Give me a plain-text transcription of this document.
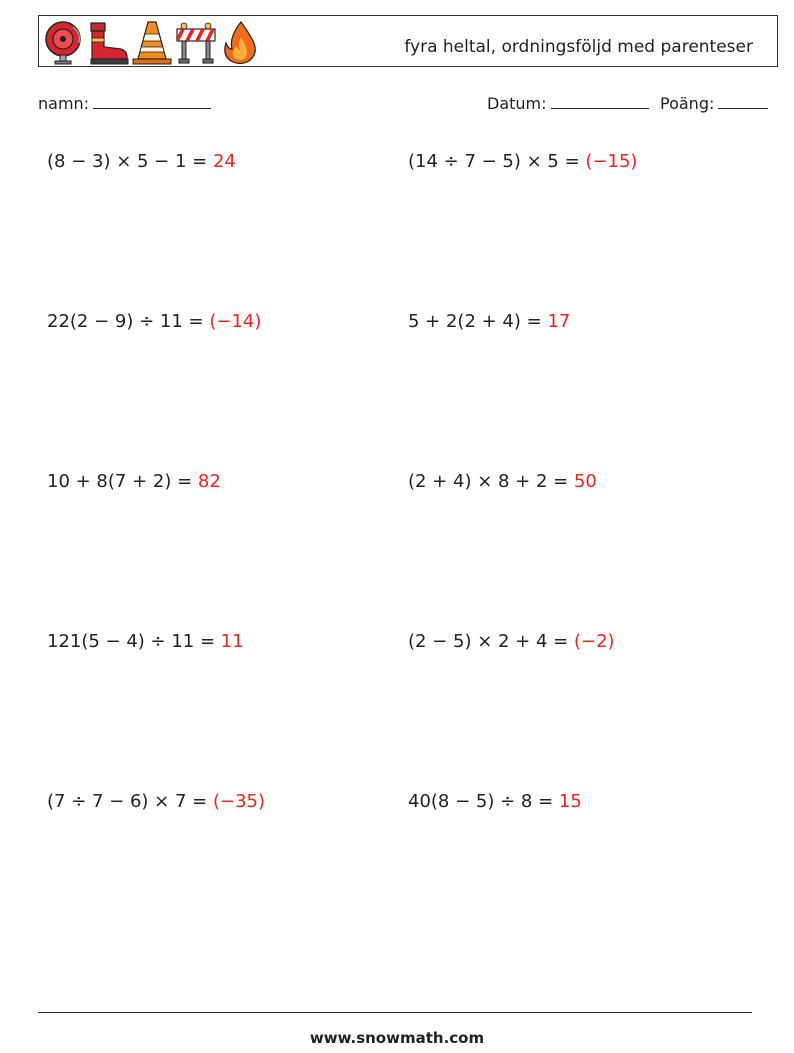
fyra heltal, ordningsföljd med parenteser
namn:	Datum:	Poäng:
(8 − 3) × 5 − 1 = 24	(14 ÷ 7 − 5) × 5 = (−15)
22(2 − 9) ÷ 11 = (−14)	5 + 2(2 + 4) = 17
10 + 8(7 + 2) = 82	(2 + 4) × 8 + 2 = 50
121(5 − 4) ÷ 11 = 11	(2 − 5) × 2 + 4 = (−2)
(7 ÷ 7 − 6) × 7 = (−35)	40(8 − 5) ÷ 8 = 15
www.snowmath.com
